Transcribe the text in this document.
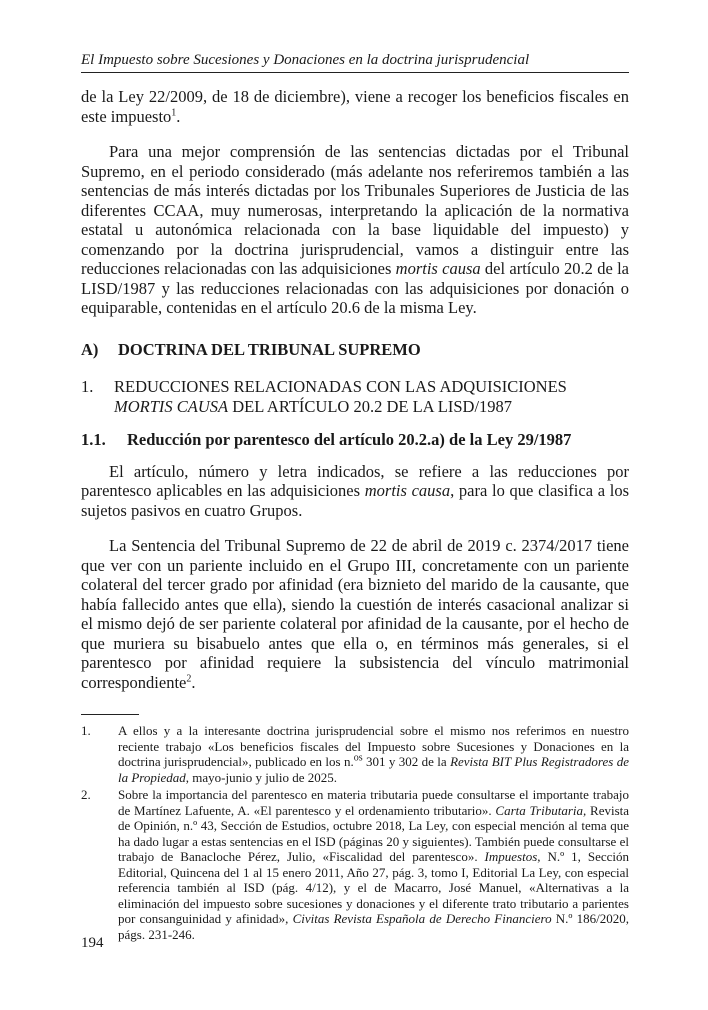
El Impuesto sobre Sucesiones y Donaciones en la doctrina jurisprudencial

de la Ley 22/2009, de 18 de diciembre), viene a recoger los beneficios fiscales en este impuesto$^1$.

Para una mejor comprensión de las sentencias dictadas por el Tribunal Supremo, en el periodo considerado (más adelante nos referiremos también a las sentencias de más interés dictadas por los Tribunales Superiores de Justicia de las diferentes CCAA, muy numerosas, interpretando la aplicación de la normativa estatal u autonómica relacionada con la base liquidable del impuesto) y comenzando por la doctrina jurisprudencial, vamos a distinguir entre las reducciones relacionadas con las adquisiciones mortis causa del artículo 20.2 de la LISD/1987 y las reducciones relacionadas con las adquisiciones por donación o equiparable, contenidas en el artículo 20.6 de la misma Ley.

A) DOCTRINA DEL TRIBUNAL SUPREMO
1.	REDUCCIONES RELACIONADAS CON LAS ADQUISICIONES
MORTIS CAUSA DEL ARTÍCULO 20.2 DE LA LISD/1987
1.1. Reducción por parentesco del artículo 20.2.a) de la Ley 29/1987

El artículo, número y letra indicados, se refiere a las reducciones por parentesco aplicables en las adquisiciones mortis causa, para lo que clasifica a los sujetos pasivos en cuatro Grupos.

La Sentencia del Tribunal Supremo de 22 de abril de 2019 c. 2374/2017 tiene que ver con un pariente incluido en el Grupo III, concretamente con un pariente colateral del tercer grado por afinidad (era biznieto del marido de la causante, que había fallecido antes que ella), siendo la cuestión de interés casacional analizar si el mismo dejó de ser pariente colateral por afinidad de la causante, por el hecho de que muriera su bisabuelo antes que ella o, en términos más generales, si el parentesco por afinidad requiere la subsistencia del vínculo matrimonial correspondiente$^2$.

1.	A ellos y a la interesante doctrina jurisprudencial sobre el mismo nos referimos en nuestro reciente trabajo «Los beneficios fiscales del Impuesto sobre Sucesiones y Donaciones en la doctrina jurisprudencial», publicado en los n.$^{os}$ 301 y 302 de la Revista BIT Plus Registradores de la Propiedad, mayo-junio y julio de 2025.
2.	Sobre la importancia del parentesco en materia tributaria puede consultarse el importante trabajo de Martínez Lafuente, A. «El parentesco y el ordenamiento tributario». Carta Tributaria, Revista de Opinión, n.º 43, Sección de Estudios, octubre 2018, La Ley, con especial mención al tema que ha dado lugar a estas sentencias en el ISD (páginas 20 y siguientes). También puede consultarse el trabajo de Banacloche Pérez, Julio, «Fiscalidad del parentesco». Impuestos, N.º 1, Sección Editorial, Quincena del 1 al 15 enero 2011, Año 27, pág. 3, tomo I, Editorial La Ley, con especial referencia también al ISD (pág. 4/12), y el de Macarro, José Manuel, «Alternativas a la eliminación del impuesto sobre sucesiones y donaciones y el diferente trato tributario a parientes por consanguinidad y afinidad», Civitas Revista Española de Derecho Financiero N.º 186/2020, págs. 231-246.
194
